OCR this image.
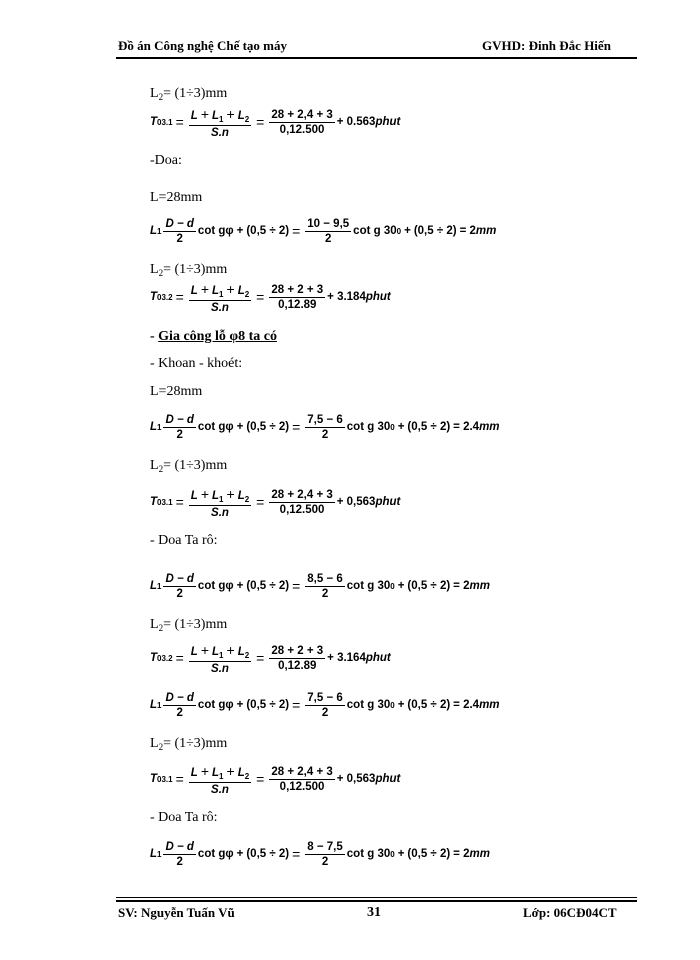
Đồ án Công nghệ Chế tạo máy	GVHD: Đinh Đắc Hiến
$L_2= (1\div 3)mm$
T $03.1 = \frac{L + L_1 + L_2}{S.n} = \frac{28 + 2,4 + 3}{0,12.500} + 0.563$ phut
-Doa:
L=28mm
L $1 \frac{D - d}{2}$ $\cot g\varphi + (0,5 \div 2) = \frac{10 - 9,5}{2}$ cot g 30 0 + (0,5 ÷ 2) = 2 mm
$L_2= (1\div 3)mm$
T $03.2 = \frac{L + L_1 + L_2}{S.n} = \frac{28 + 2 + 3}{0,12.89} + 3.184$ phut
- Gia công lỗ φ8 ta có
- Khoan - khoét:
L=28mm
L $1 \frac{D - d}{2}$ $\cot g\varphi + (0,5 \div 2) = \frac{7,5 - 6}{2}$ cot g 30 0 + (0,5 ÷ 2) = 2.4 mm
$L_2= (1\div 3)mm$
T $03.1 = \frac{L + L_1 + L_2}{S.n} = \frac{28 + 2,4 + 3}{0,12.500} + 0,563$ phut
- Doa Ta rô:
L $1 \frac{D - d}{2}$ $\cot g\varphi + (0,5 \div 2) = \frac{8,5 - 6}{2}$ cot g 30 0 + (0,5 ÷ 2) = 2 mm
$L_2= (1\div 3)mm$
T $03.2 = \frac{L + L_1 + L_2}{S.n} = \frac{28 + 2 + 3}{0,12.89} + 3.164$ phut
L $1 \frac{D - d}{2}$ $\cot g\varphi + (0,5 \div 2) = \frac{7,5 - 6}{2}$ cot g 30 0 + (0,5 ÷ 2) = 2.4 mm
$L_2= (1\div 3)mm$
T $03.1 = \frac{L + L_1 + L_2}{S.n} = \frac{28 + 2,4 + 3}{0,12.500} + 0,563$ phut
- Doa Ta rô:
L $1 \frac{D - d}{2}$ $\cot g\varphi + (0,5 \div 2) = \frac{8 - 7,5}{2}$ cot g 30 0 + (0,5 ÷ 2) = 2 mm
SV: Nguyễn Tuấn Vũ	31	Lớp: 06CĐ04CT
